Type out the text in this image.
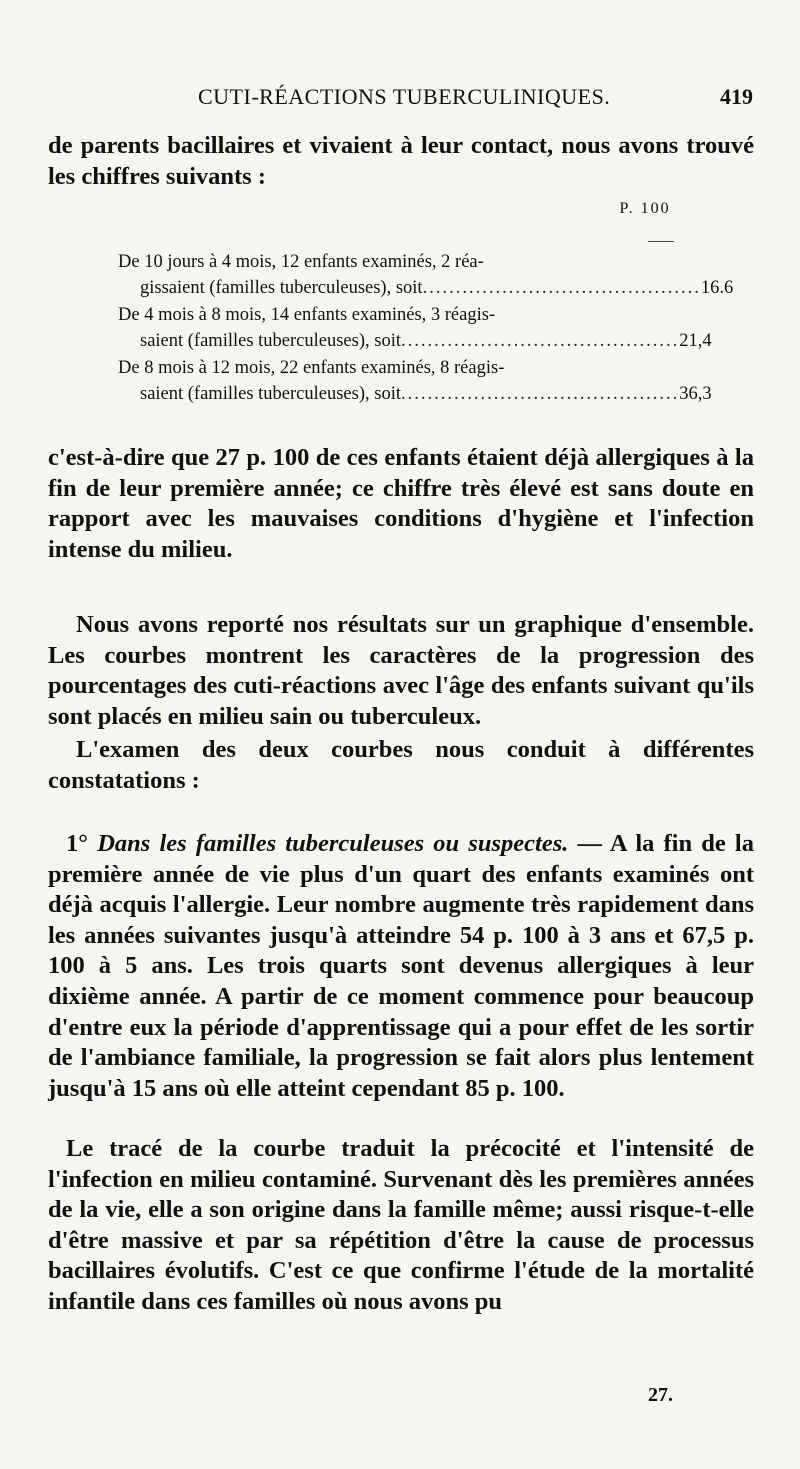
CUTI-RÉACTIONS TUBERCULINIQUES.	419
de parents bacillaires et vivaient à leur contact, nous avons trouvé les chiffres suivants :
P. 100
De 10 jours à 4 mois, 12 enfants examinés, 2 réa-
gissaient (familles tuberculeuses), soit .......................................... 16.6
De 4 mois à 8 mois, 14 enfants examinés, 3 réagis-
saient (familles tuberculeuses), soit .......................................... 21,4
De 8 mois à 12 mois, 22 enfants examinés, 8 réagis-
saient (familles tuberculeuses), soit .......................................... 36,3
c'est-à-dire que 27 p. 100 de ces enfants étaient déjà allergiques à la fin de leur première année; ce chiffre très élevé est sans doute en rapport avec les mauvaises conditions d'hygiène et l'infection intense du milieu.
Nous avons reporté nos résultats sur un graphique d'ensemble. Les courbes montrent les caractères de la progression des pourcentages des cuti-réactions avec l'âge des enfants suivant qu'ils sont placés en milieu sain ou tuberculeux.
L'examen des deux courbes nous conduit à différentes constatations :
1° Dans les familles tuberculeuses ou suspectes. — A la fin de la première année de vie plus d'un quart des enfants examinés ont déjà acquis l'allergie. Leur nombre augmente très rapidement dans les années suivantes jusqu'à atteindre 54 p. 100 à 3 ans et 67,5 p. 100 à 5 ans. Les trois quarts sont devenus allergiques à leur dixième année. A partir de ce moment commence pour beaucoup d'entre eux la période d'apprentissage qui a pour effet de les sortir de l'ambiance familiale, la progression se fait alors plus lentement jusqu'à 15 ans où elle atteint cependant 85 p. 100.
Le tracé de la courbe traduit la précocité et l'intensité de l'infection en milieu contaminé. Survenant dès les premières années de la vie, elle a son origine dans la famille même; aussi risque-t-elle d'être massive et par sa répétition d'être la cause de processus bacillaires évolutifs. C'est ce que confirme l'étude de la mortalité infantile dans ces familles où nous avons pu
27.
